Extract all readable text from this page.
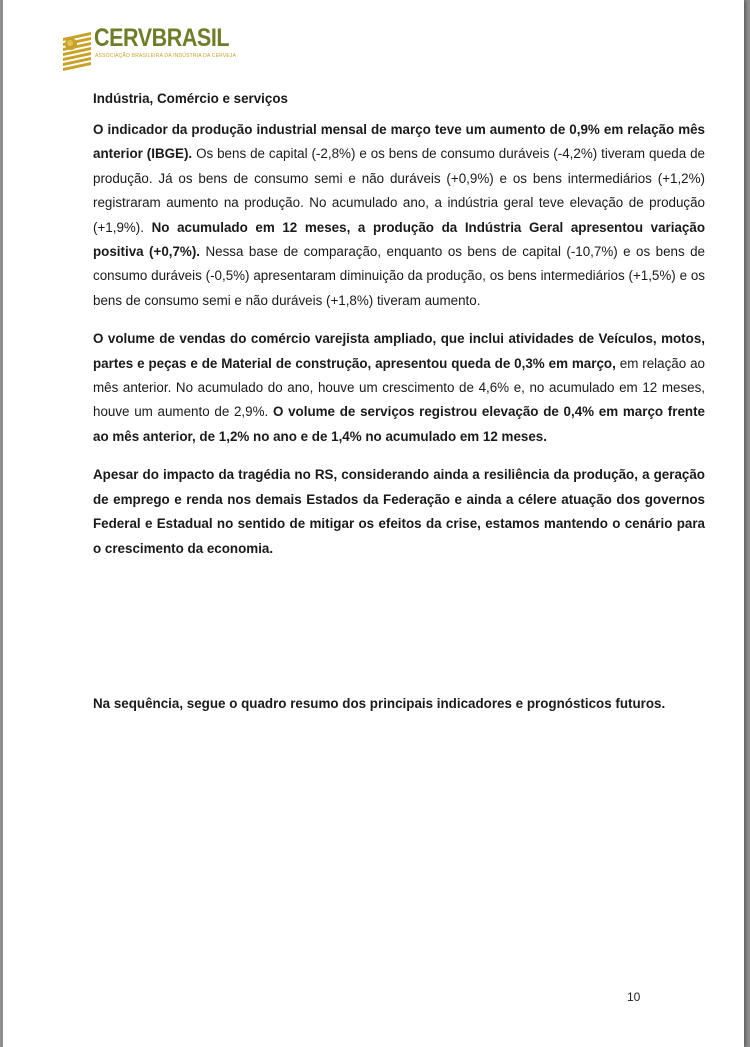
CERVBRASIL
ASSOCIAÇÃO BRASILEIRA DA INDÚSTRIA DA CERVEJA
Indústria, Comércio e serviços

O indicador da produção industrial mensal de março teve um aumento de 0,9% em relação mês anterior (IBGE). Os bens de capital (-2,8%) e os bens de consumo duráveis (-4,2%) tiveram queda de produção. Já os bens de consumo semi e não duráveis (+0,9%) e os bens intermediários (+1,2%) registraram aumento na produção. No acumulado ano, a indústria geral teve elevação de produção (+1,9%). No acumulado em 12 meses, a produção da Indústria Geral apresentou variação positiva (+0,7%). Nessa base de comparação, enquanto os bens de capital (-10,7%) e os bens de consumo duráveis (-0,5%) apresentaram diminuição da produção, os bens intermediários (+1,5%) e os bens de consumo semi e não duráveis (+1,8%) tiveram aumento.

O volume de vendas do comércio varejista ampliado, que inclui atividades de Veículos, motos, partes e peças e de Material de construção, apresentou queda de 0,3% em março, em relação ao mês anterior. No acumulado do ano, houve um crescimento de 4,6% e, no acumulado em 12 meses, houve um aumento de 2,9%. O volume de serviços registrou elevação de 0,4% em março frente ao mês anterior, de 1,2% no ano e de 1,4% no acumulado em 12 meses.

Apesar do impacto da tragédia no RS, considerando ainda a resiliência da produção, a geração de emprego e renda nos demais Estados da Federação e ainda a célere atuação dos governos Federal e Estadual no sentido de mitigar os efeitos da crise, estamos mantendo o cenário para o crescimento da economia.

Na sequência, segue o quadro resumo dos principais indicadores e prognósticos futuros.
10
